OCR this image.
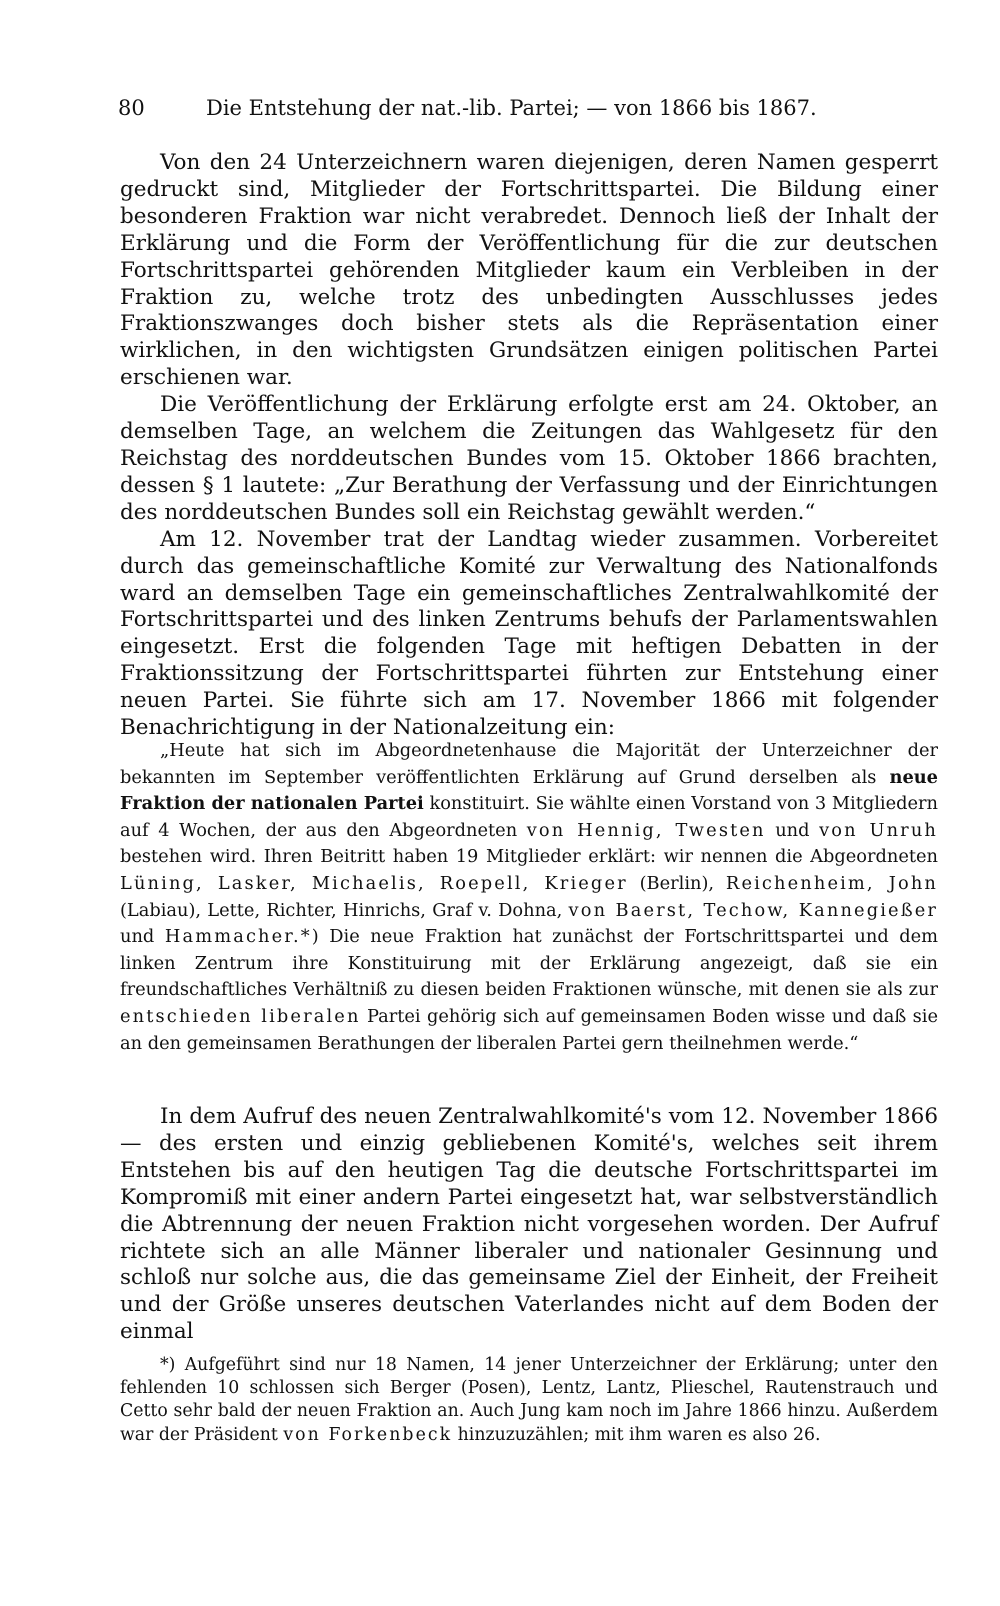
80	Die Entstehung der nat.-lib. Partei; — von 1866 bis 1867.

Von den 24 Unterzeichnern waren diejenigen, deren Namen gesperrt gedruckt sind, Mitglieder der Fortschrittspartei. Die Bildung einer besonderen Fraktion war nicht verabredet. Dennoch ließ der Inhalt der Erklärung und die Form der Veröffentlichung für die zur deutschen Fortschrittspartei gehörenden Mitglieder kaum ein Verbleiben in der Fraktion zu, welche trotz des unbedingten Ausschlusses jedes Fraktionszwanges doch bisher stets als die Repräsentation einer wirklichen, in den wichtigsten Grundsätzen einigen politischen Partei erschienen war.

Die Veröffentlichung der Erklärung erfolgte erst am 24. Oktober, an demselben Tage, an welchem die Zeitungen das Wahlgesetz für den Reichstag des norddeutschen Bundes vom 15. Oktober 1866 brachten, dessen § 1 lautete: „Zur Berathung der Verfassung und der Einrichtungen des norddeutschen Bundes soll ein Reichstag gewählt werden.“

Am 12. November trat der Landtag wieder zusammen. Vorbereitet durch das gemeinschaftliche Komité zur Verwaltung des Nationalfonds ward an demselben Tage ein gemeinschaftliches Zentralwahlkomité der Fortschrittspartei und des linken Zentrums behufs der Parlamentswahlen eingesetzt. Erst die folgenden Tage mit heftigen Debatten in der Fraktionssitzung der Fortschrittspartei führten zur Entstehung einer neuen Partei. Sie führte sich am 17. November 1866 mit folgender Benachrichtigung in der Nationalzeitung ein:

„Heute hat sich im Abgeordnetenhause die Majorität der Unterzeichner der bekannten im September veröffentlichten Erklärung auf Grund derselben als neue Fraktion der nationalen Partei konstituirt. Sie wählte einen Vorstand von 3 Mitgliedern auf 4 Wochen, der aus den Abgeordneten von Hennig, Twesten und von Unruh bestehen wird. Ihren Beitritt haben 19 Mitglieder erklärt: wir nennen die Abgeordneten Lüning, Lasker, Michaelis, Roepell, Krieger (Berlin), Reichenheim, John (Labiau), Lette, Richter, Hinrichs, Graf v. Dohna, von Baerst, Techow, Kannegießer und Hammacher.*) Die neue Fraktion hat zunächst der Fortschrittspartei und dem linken Zentrum ihre Konstituirung mit der Erklärung angezeigt, daß sie ein freundschaftliches Verhältniß zu diesen beiden Fraktionen wünsche, mit denen sie als zur entschieden liberalen Partei gehörig sich auf gemeinsamen Boden wisse und daß sie an den gemeinsamen Berathungen der liberalen Partei gern theilnehmen werde.“

In dem Aufruf des neuen Zentralwahlkomité's vom 12. November 1866 — des ersten und einzig gebliebenen Komité's, welches seit ihrem Entstehen bis auf den heutigen Tag die deutsche Fortschrittspartei im Kompromiß mit einer andern Partei eingesetzt hat, war selbstverständlich die Abtrennung der neuen Fraktion nicht vorgesehen worden. Der Aufruf richtete sich an alle Männer liberaler und nationaler Gesinnung und schloß nur solche aus, die das gemeinsame Ziel der Einheit, der Freiheit und der Größe unseres deutschen Vaterlandes nicht auf dem Boden der einmal

*) Aufgeführt sind nur 18 Namen, 14 jener Unterzeichner der Erklärung; unter den fehlenden 10 schlossen sich Berger (Posen), Lentz, Lantz, Plieschel, Rautenstrauch und Cetto sehr bald der neuen Fraktion an. Auch Jung kam noch im Jahre 1866 hinzu. Außerdem war der Präsident von Forkenbeck hinzuzuzählen; mit ihm waren es also 26.
